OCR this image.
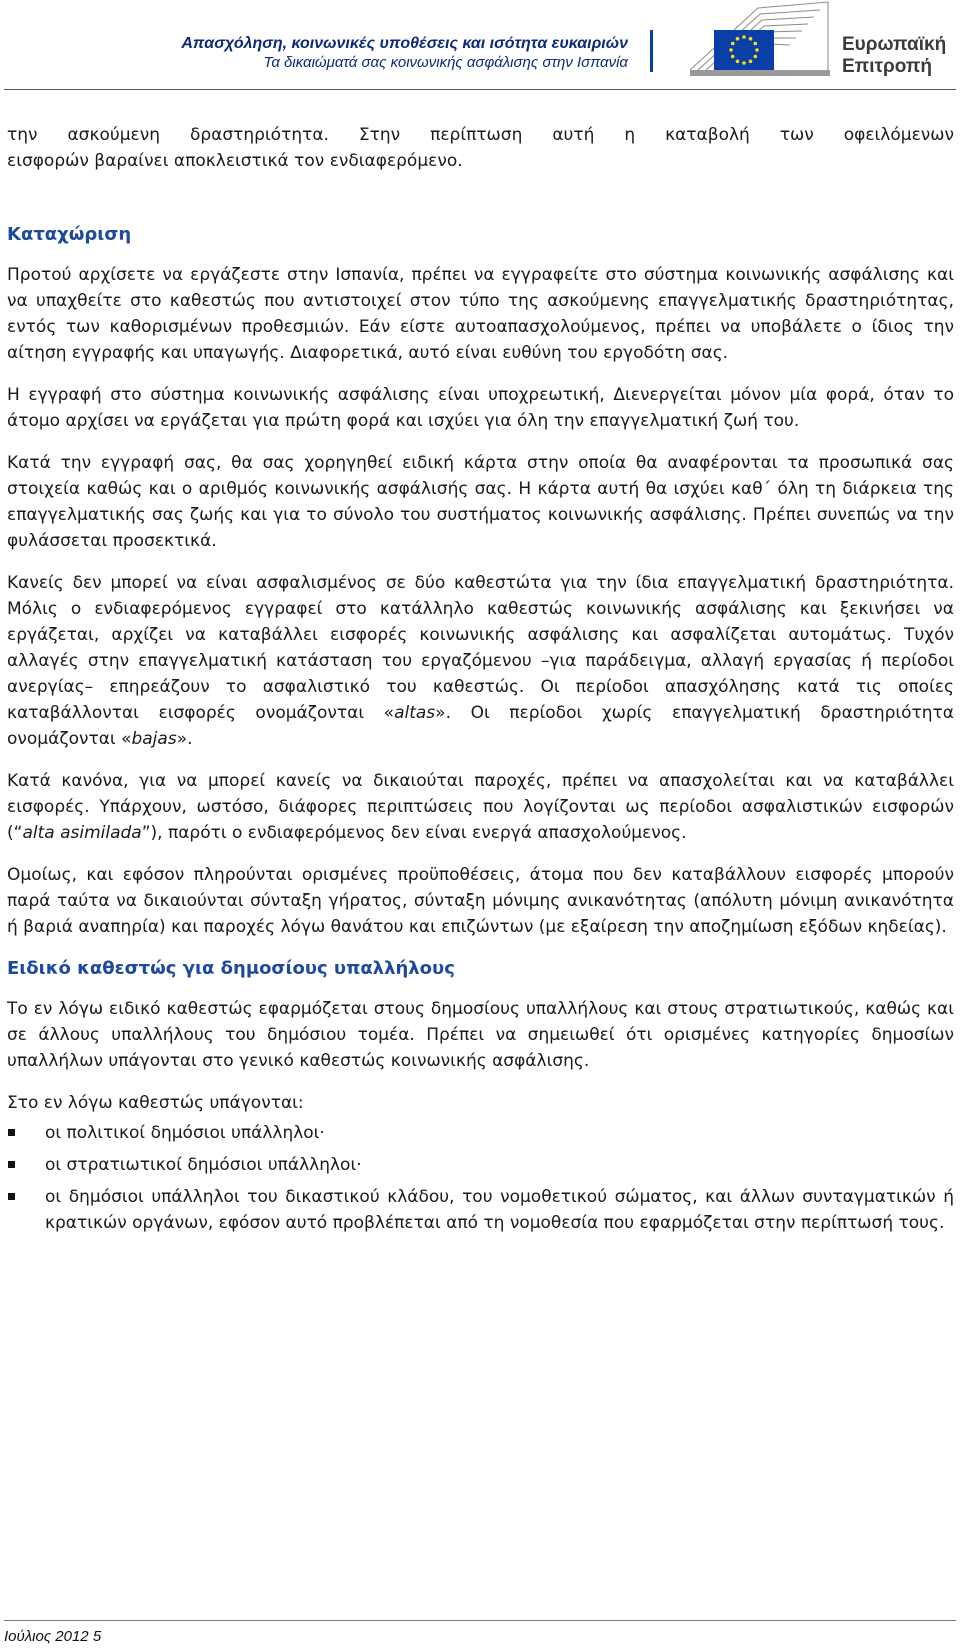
Απασχόληση, κοινωνικές υποθέσεις και ισότητα ευκαιριών
Τα δικαιώματά σας κοινωνικής ασφάλισης στην Ισπανία
Ευρωπαϊκή
Επιτροπή

την ασκούμενη δραστηριότητα. Στην περίπτωση αυτή η καταβολή των οφειλόμενων
εισφορών βαραίνει αποκλειστικά τον ενδιαφερόμενο.

Καταχώριση

Προτού αρχίσετε να εργάζεστε στην Ισπανία, πρέπει να εγγραφείτε στο σύστημα κοινωνικής ασφάλισης και να υπαχθείτε στο καθεστώς που αντιστοιχεί στον τύπο της ασκούμενης επαγγελματικής δραστηριότητας, εντός των καθορισμένων προθεσμιών. Εάν είστε αυτοαπασχολούμενος, πρέπει να υποβάλετε ο ίδιος την αίτηση εγγραφής και υπαγωγής. Διαφορετικά, αυτό είναι ευθύνη του εργοδότη σας.

Η εγγραφή στο σύστημα κοινωνικής ασφάλισης είναι υποχρεωτική, Διενεργείται μόνον μία φορά, όταν το άτομο αρχίσει να εργάζεται για πρώτη φορά και ισχύει για όλη την επαγγελματική ζωή του.

Κατά την εγγραφή σας, θα σας χορηγηθεί ειδική κάρτα στην οποία θα αναφέρονται τα προσωπικά σας στοιχεία καθώς και ο αριθμός κοινωνικής ασφάλισής σας. Η κάρτα αυτή θα ισχύει καθ΄ όλη τη διάρκεια της επαγγελματικής σας ζωής και για το σύνολο του συστήματος κοινωνικής ασφάλισης. Πρέπει συνεπώς να την φυλάσσεται προσεκτικά.

Κανείς δεν μπορεί να είναι ασφαλισμένος σε δύο καθεστώτα για την ίδια επαγγελματική δραστηριότητα. Μόλις ο ενδιαφερόμενος εγγραφεί στο κατάλληλο καθεστώς κοινωνικής ασφάλισης και ξεκινήσει να εργάζεται, αρχίζει να καταβάλλει εισφορές κοινωνικής ασφάλισης και ασφαλίζεται αυτομάτως. Τυχόν αλλαγές στην επαγγελματική κατάσταση του εργαζόμενου –για παράδειγμα, αλλαγή εργασίας ή περίοδοι ανεργίας– επηρεάζουν το ασφαλιστικό του καθεστώς. Οι περίοδοι απασχόλησης κατά τις οποίες καταβάλλονται εισφορές ονομάζονται «altas». Οι περίοδοι χωρίς επαγγελματική δραστηριότητα ονομάζονται «bajas».

Κατά κανόνα, για να μπορεί κανείς να δικαιούται παροχές, πρέπει να απασχολείται και να καταβάλλει εισφορές. Υπάρχουν, ωστόσο, διάφορες περιπτώσεις που λογίζονται ως περίοδοι ασφαλιστικών εισφορών (“alta asimilada”), παρότι ο ενδιαφερόμενος δεν είναι ενεργά απασχολούμενος.

Ομοίως, και εφόσον πληρούνται ορισμένες προϋποθέσεις, άτομα που δεν καταβάλλουν εισφορές μπορούν παρά ταύτα να δικαιούνται σύνταξη γήρατος, σύνταξη μόνιμης ανικανότητας (απόλυτη μόνιμη ανικανότητα ή βαριά αναπηρία) και παροχές λόγω θανάτου και επιζώντων (με εξαίρεση την αποζημίωση εξόδων κηδείας).

Ειδικό καθεστώς για δημοσίους υπαλλήλους

Το εν λόγω ειδικό καθεστώς εφαρμόζεται στους δημοσίους υπαλλήλους και στους στρατιωτικούς, καθώς και σε άλλους υπαλλήλους του δημόσιου τομέα. Πρέπει να σημειωθεί ότι ορισμένες κατηγορίες δημοσίων υπαλλήλων υπάγονται στο γενικό καθεστώς κοινωνικής ασφάλισης.

Στο εν λόγω καθεστώς υπάγονται:

οι πολιτικοί δημόσιοι υπάλληλοι·
οι στρατιωτικοί δημόσιοι υπάλληλοι·
οι δημόσιοι υπάλληλοι του δικαστικού κλάδου, του νομοθετικού σώματος, και άλλων συνταγματικών ή κρατικών οργάνων, εφόσον αυτό προβλέπεται από τη νομοθεσία που εφαρμόζεται στην περίπτωσή τους.
Ιούλιος 2012 5
